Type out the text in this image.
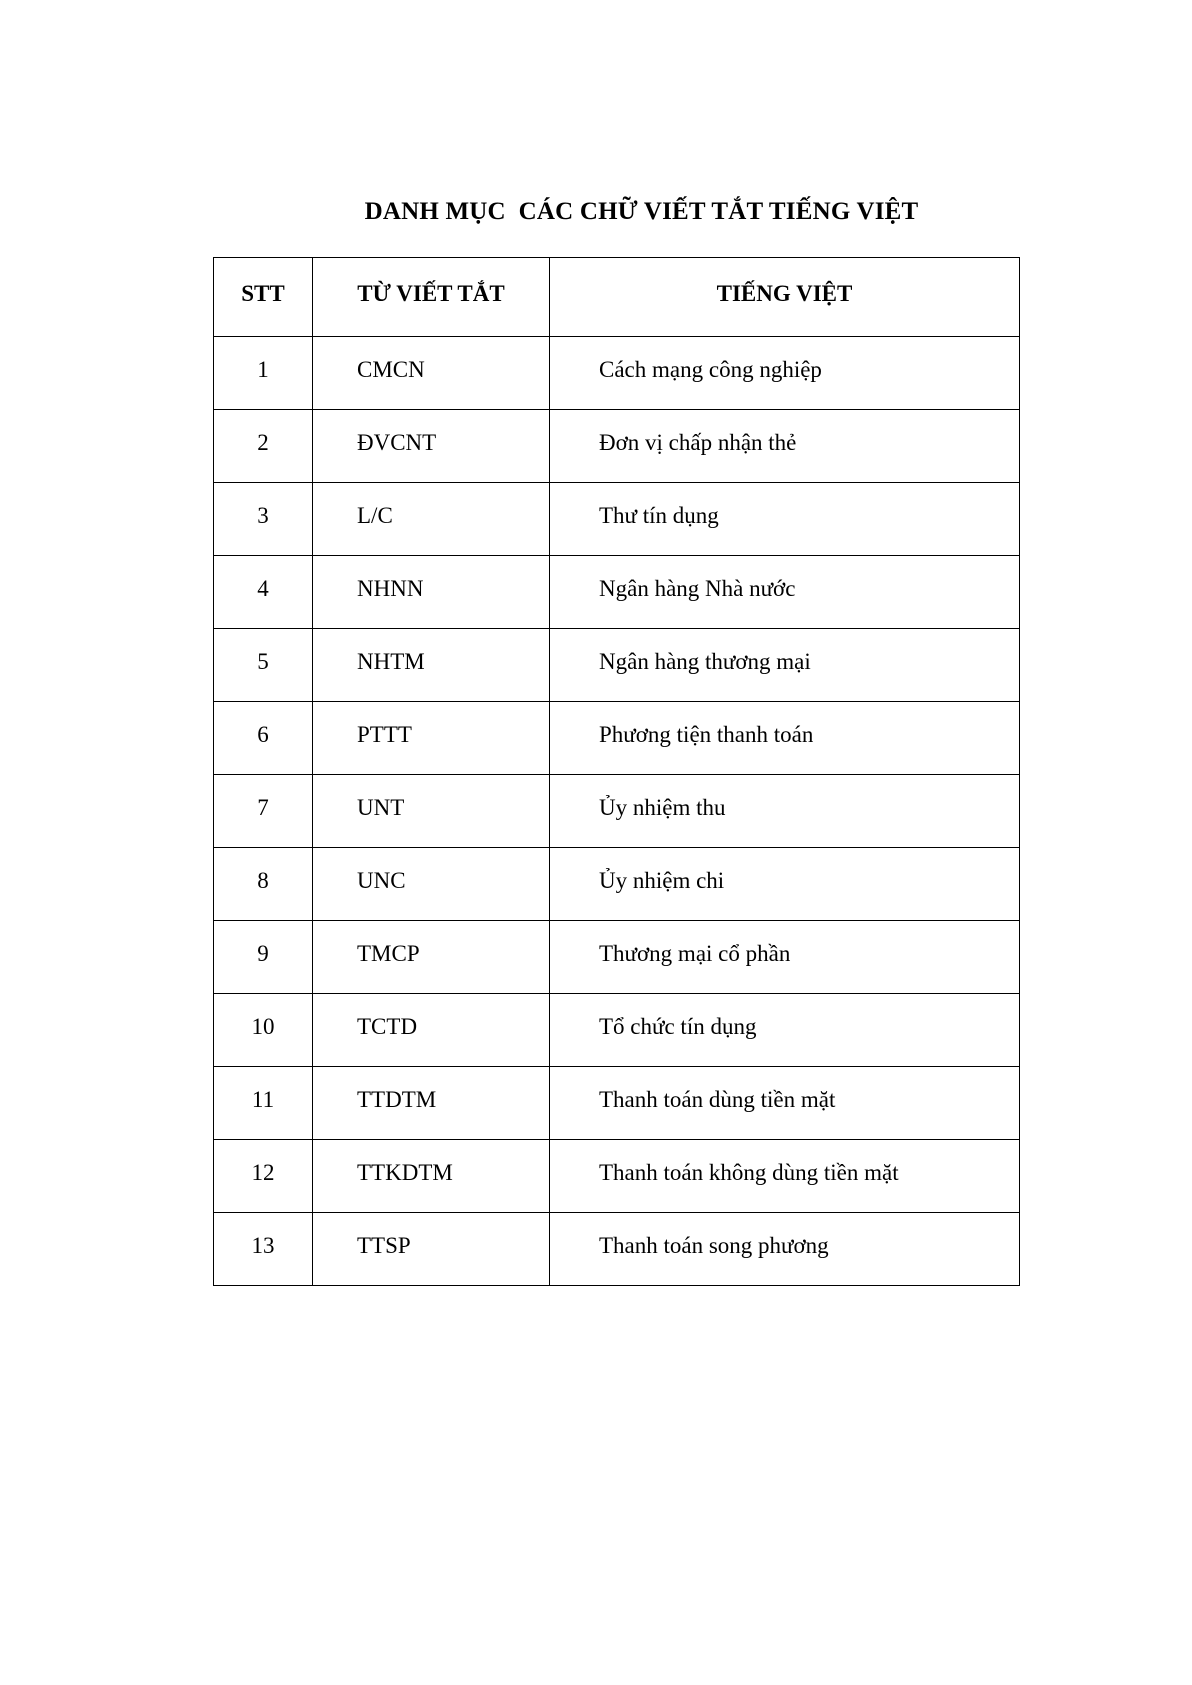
DANH MỤC  CÁC CHỮ VIẾT TẮT TIẾNG VIỆT
STT	TỪ VIẾT TẮT	TIẾNG VIỆT
1	CMCN	Cách mạng công nghiệp
2	ĐVCNT	Đơn vị chấp nhận thẻ
3	L/C	Thư tín dụng
4	NHNN	Ngân hàng Nhà nước
5	NHTM	Ngân hàng thương mại
6	PTTT	Phương tiện thanh toán
7	UNT	Ủy nhiệm thu
8	UNC	Ủy nhiệm chi
9	TMCP	Thương mại cổ phần
10	TCTD	Tổ chức tín dụng
11	TTDTM	Thanh toán dùng tiền mặt
12	TTKDTM	Thanh toán không dùng tiền mặt
13	TTSP	Thanh toán song phương
